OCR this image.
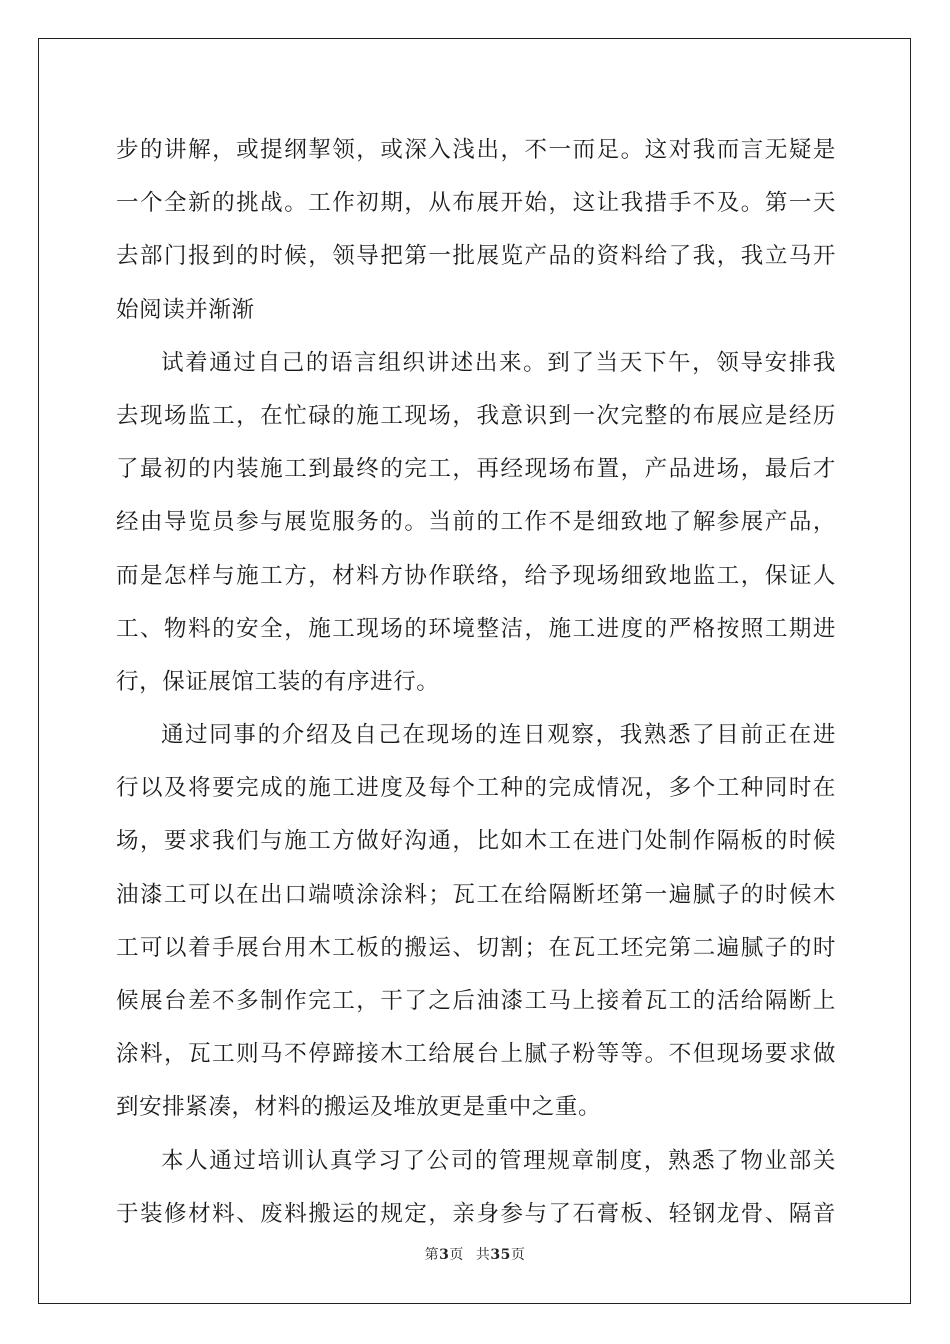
步的讲解，或提纲挈领，或深入浅出，不一而足。这对我而言无疑是
一个全新的挑战。工作初期，从布展开始，这让我措手不及。第一天
去部门报到的时候，领导把第一批展览产品的资料给了我，我立马开
始阅读并渐渐
试着通过自己的语言组织讲述出来。到了当天下午，领导安排我
去现场监工，在忙碌的施工现场，我意识到一次完整的布展应是经历
了最初的内装施工到最终的完工，再经现场布置，产品进场，最后才
经由导览员参与展览服务的。当前的工作不是细致地了解参展产品，
而是怎样与施工方，材料方协作联络，给予现场细致地监工，保证人
工、物料的安全，施工现场的环境整洁，施工进度的严格按照工期进
行，保证展馆工装的有序进行。
通过同事的介绍及自己在现场的连日观察，我熟悉了目前正在进
行以及将要完成的施工进度及每个工种的完成情况，多个工种同时在
场，要求我们与施工方做好沟通，比如木工在进门处制作隔板的时候
油漆工可以在出口端喷涂涂料；瓦工在给隔断坯第一遍腻子的时候木
工可以着手展台用木工板的搬运、切割；在瓦工坯完第二遍腻子的时
候展台差不多制作完工，干了之后油漆工马上接着瓦工的活给隔断上
涂料，瓦工则马不停蹄接木工给展台上腻子粉等等。不但现场要求做
到安排紧凑，材料的搬运及堆放更是重中之重。
本人通过培训认真学习了公司的管理规章制度，熟悉了物业部关
于装修材料、废料搬运的规定，亲身参与了石膏板、轻钢龙骨、隔音
第3页 共35页
